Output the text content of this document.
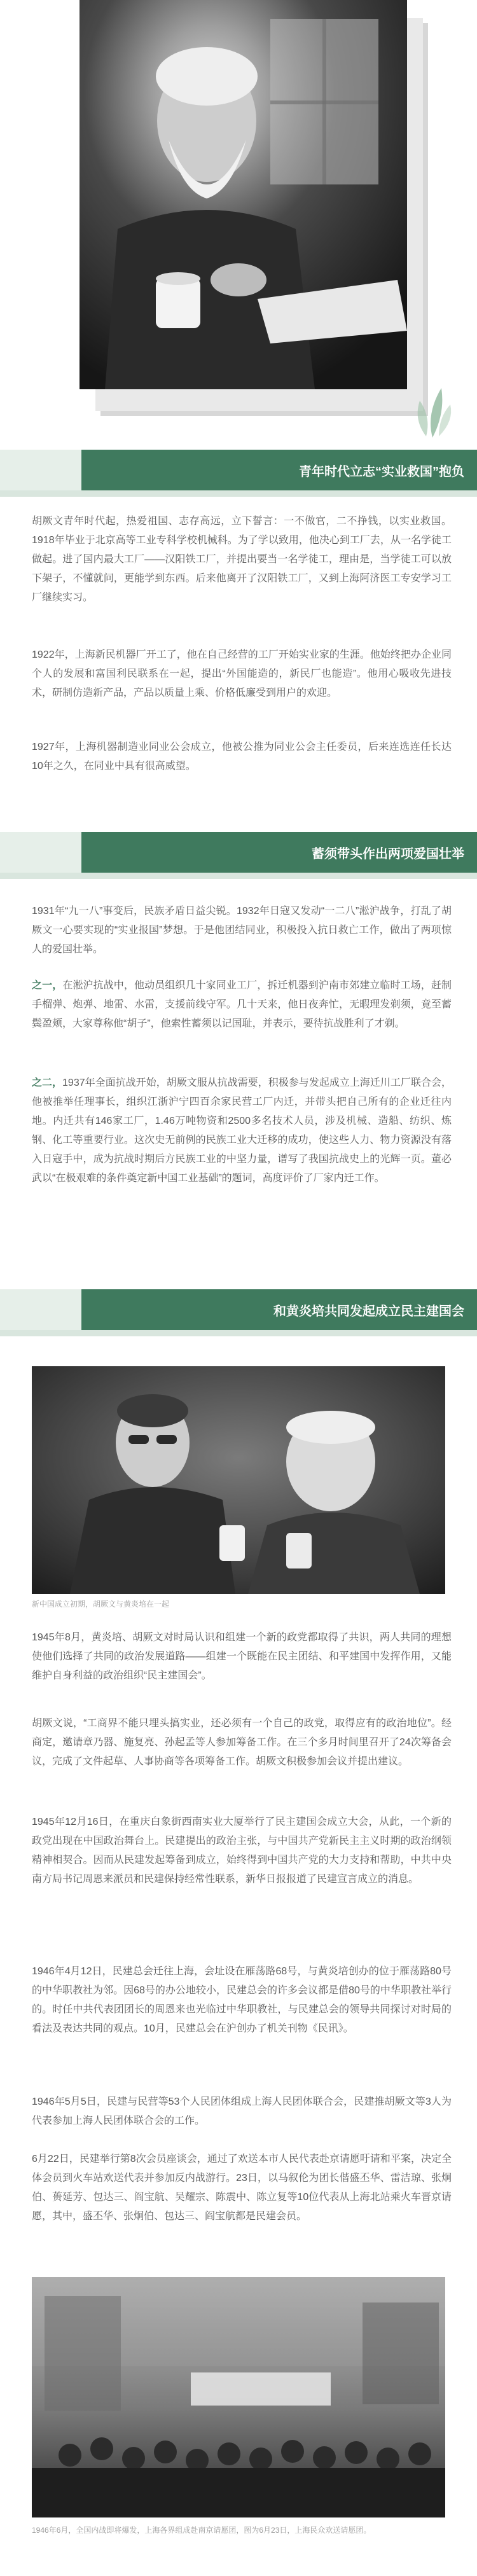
青年时代立志“实业救国”抱负
胡厥文青年时代起，热爱祖国、志存高远，立下誓言：一不做官，二不挣钱，以实业救国。1918年毕业于北京高等工业专科学校机械科。为了学以致用，他决心到工厂去，从一名学徒工做起。进了国内最大工厂——汉阳铁工厂，并提出要当一名学徒工，理由是，当学徒工可以放下架子，不懂就问，更能学到东西。后来他离开了汉阳铁工厂，又到上海阿济医工专安学习工厂继续实习。
1922年，上海新民机器厂开工了，他在自己经营的工厂开始实业家的生涯。他始终把办企业同个人的发展和富国利民联系在一起，提出“外国能造的，新民厂也能造”。他用心吸收先进技术，研制仿造新产品，产品以质量上乘、价格低廉受到用户的欢迎。
1927年，上海机器制造业同业公会成立，他被公推为同业公会主任委员，后来连选连任长达10年之久，在同业中具有很高威望。
蓄须带头作出两项爱国壮举
1931年“九一八”事变后，民族矛盾日益尖锐。1932年日寇又发动“一二八”淞沪战争，打乱了胡厥文一心要实现的“实业报国”梦想。于是他团结同业，积极投入抗日救亡工作，做出了两项惊人的爱国壮举。
之一，在淞沪抗战中，他动员组织几十家同业工厂，拆迁机器到沪南市郊建立临时工场，赶制手榴弹、炮弹、地雷、水雷，支援前线守军。几十天来，他日夜奔忙，无暇理发剃须，竟至蓄鬓盈颊，大家尊称他“胡子”，他索性蓄须以记国耻，并表示，要待抗战胜利了才剃。
之二，1937年全面抗战开始，胡厥文服从抗战需要，积极参与发起成立上海迁川工厂联合会，他被推举任理事长，组织江浙沪宁四百余家民营工厂内迁，并带头把自己所有的企业迁往内地。内迁共有146家工厂，1.46万吨物资和2500多名技术人员，涉及机械、造船、纺织、炼钢、化工等重要行业。这次史无前例的民族工业大迁移的成功，使这些人力、物力资源没有落入日寇手中，成为抗战时期后方民族工业的中坚力量，谱写了我国抗战史上的光辉一页。董必武以“在极艰难的条件奠定新中国工业基础”的题词，高度评价了厂家内迁工作。
和黄炎培共同发起成立民主建国会
新中国成立初期，胡厥文与黄炎培在一起
1945年8月，黄炎培、胡厥文对时局认识和组建一个新的政党都取得了共识，两人共同的理想使他们选择了共同的政治发展道路——组建一个既能在民主团结、和平建国中发挥作用，又能维护自身利益的政治组织“民主建国会”。
胡厥文说，“工商界不能只埋头搞实业，还必须有一个自己的政党，取得应有的政治地位”。经商定，邀请章乃器、施复亮、孙起孟等人参加筹备工作。在三个多月时间里召开了24次筹备会议，完成了文件起草、人事协商等各项筹备工作。胡厥文积极参加会议并提出建议。
1945年12月16日，在重庆白象街西南实业大厦举行了民主建国会成立大会，从此，一个新的政党出现在中国政治舞台上。民建提出的政治主张，与中国共产党新民主主义时期的政治纲领精神相契合。因而从民建发起筹备到成立，始终得到中国共产党的大力支持和帮助，中共中央南方局书记周恩来派员和民建保持经常性联系，新华日报报道了民建宣言成立的消息。
1946年4月12日，民建总会迁往上海，会址设在雁荡路68号，与黄炎培创办的位于雁荡路80号的中华职教社为邻。因68号的办公地较小，民建总会的许多会议都是借80号的中华职教社举行的。时任中共代表团团长的周恩来也光临过中华职教社，与民建总会的领导共同探讨对时局的看法及表达共同的观点。10月，民建总会在沪创办了机关刊物《民讯》。
1946年5月5日，民建与民营等53个人民团体组成上海人民团体联合会，民建推胡厥文等3人为代表参加上海人民团体联合会的工作。
6月22日，民建举行第8次会员座谈会，通过了欢送本市人民代表赴京请愿吁请和平案，决定全体会员到火车站欢送代表并参加反内战游行。23日，以马叙伦为团长偕盛丕华、雷洁琼、张炯伯、蒉延芳、包达三、阎宝航、吴耀宗、陈震中、陈立复等10位代表从上海北站乘火车晋京请愿，其中，盛丕华、张炯伯、包达三、阎宝航都是民建会员。
1946年6月，全国内战即将爆发，上海各界组成赴南京请愿团，图为6月23日，上海民众欢送请愿团。
